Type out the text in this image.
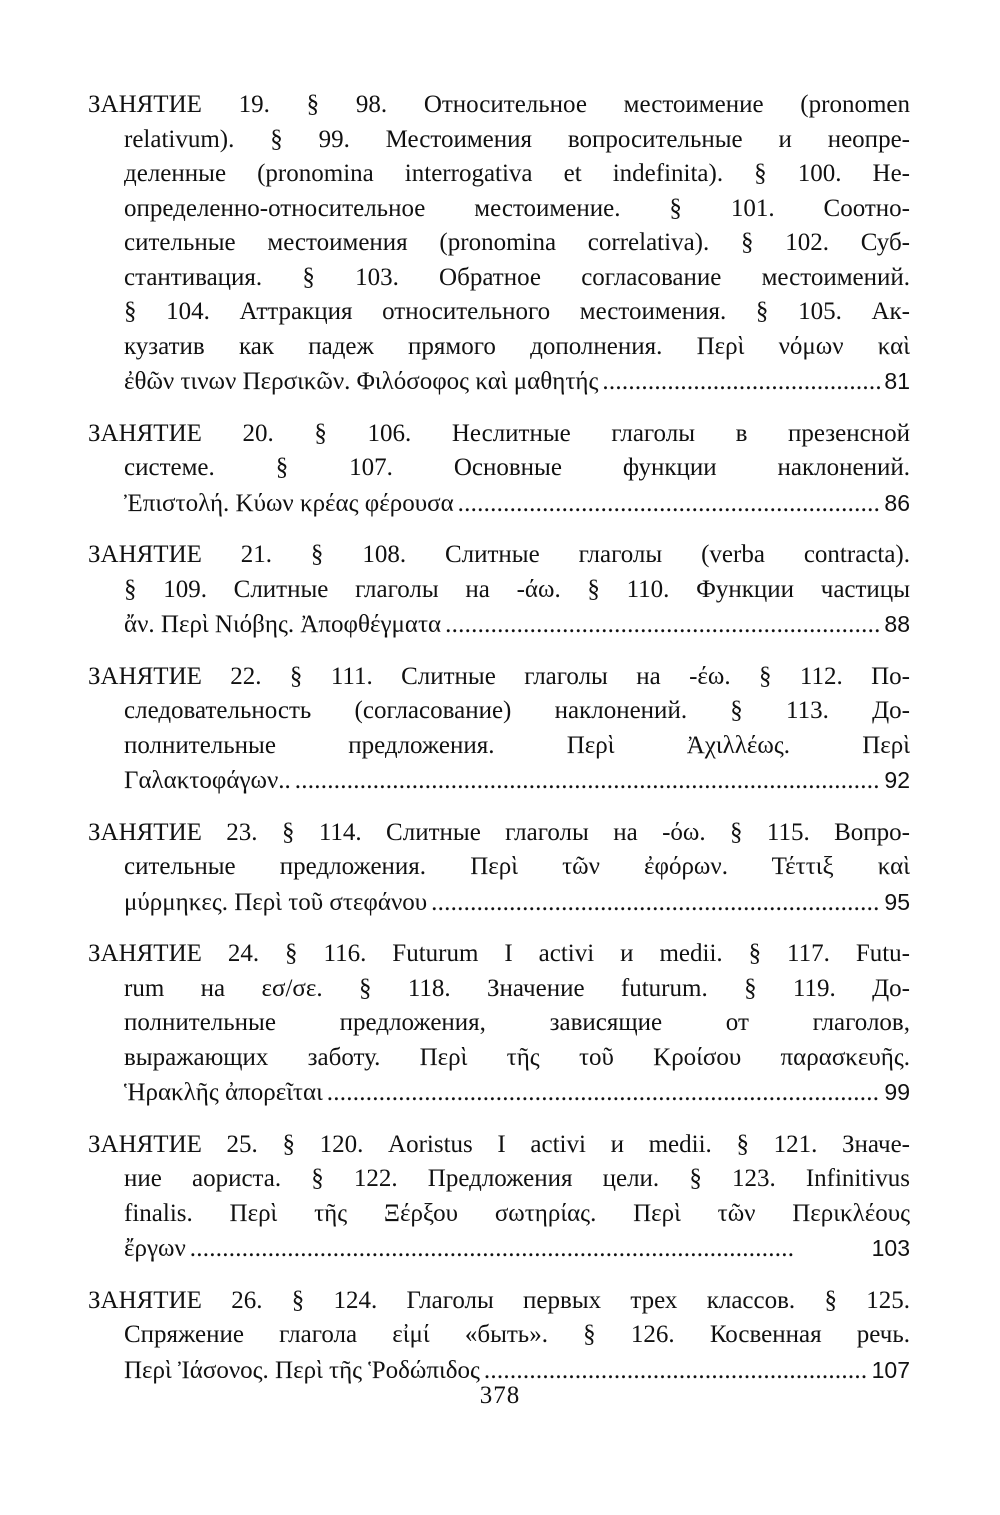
ЗАНЯТИЕ 19. § 98. Относительное местоимение (pronomen
relativum). § 99. Местоимения вопросительные и неопре-
деленные (pronomina interrogativa et indefinita). § 100. Не-
определенно-относительное местоимение. § 101. Соотно-
сительные местоимения (pronomina correlativa). § 102. Суб-
стантивация. § 103. Обратное согласование местоимений.
§ 104. Аттракция относительного местоимения. § 105. Ак-
кузатив как падеж прямого дополнения. Περὶ νόμων καὶ
ἐθῶν τινων Περσικῶν. Φιλόσοφος καὶ μαθητής . . .	81
ЗАНЯТИЕ 20. § 106. Неслитные глаголы в презенсной
системе. § 107. Основные функции наклонений.
Ἐπιστολή. Κύων κρέας φέρουσα . . .	86
ЗАНЯТИЕ 21. § 108. Слитные глаголы (verba contracta).
§ 109. Слитные глаголы на -άω. § 110. Функции частицы
ἄν. Περὶ Νιόβης. Ἀποφθέγματα . . .	88
ЗАНЯТИЕ 22. § 111. Слитные глаголы на -έω. § 112. По-
следовательность (согласование) наклонений. § 113. До-
полнительные предложения. Περὶ Ἀχιλλέως. Περὶ
Γαλακτοφάγων.. . . .	92
ЗАНЯТИЕ 23. § 114. Слитные глаголы на -όω. § 115. Вопро-
сительные предложения. Περὶ τῶν ἐφόρων. Τέττιξ καὶ
μύρμηκες. Περὶ τοῦ στεφάνου . . .	95
ЗАНЯТИЕ 24. § 116. Futurum I activi и medii. § 117. Futu-
rum на εσ/σε. § 118. Значение futurum. § 119. До-
полнительные предложения, зависящие от глаголов,
выражающих заботу. Περὶ τῆς τοῦ Κροίσου παρασκευῆς.
Ἡρακλῆς ἀπορεῖται . . .	99
ЗАНЯТИЕ 25. § 120. Aoristus I activi и medii. § 121. Значе-
ние аориста. § 122. Предложения цели. § 123. Infinitivus
finalis. Περὶ τῆς Ξέρξου σωτηρίας. Περὶ τῶν Περικλέους
ἔργων . . .	103
ЗАНЯТИЕ 26. § 124. Глаголы первых трех классов. § 125.
Спряжение глагола εἰμί «быть». § 126. Косвенная речь.
Περὶ Ἰάσονος. Περὶ τῆς Ῥοδώπιδος . . .	107
378
